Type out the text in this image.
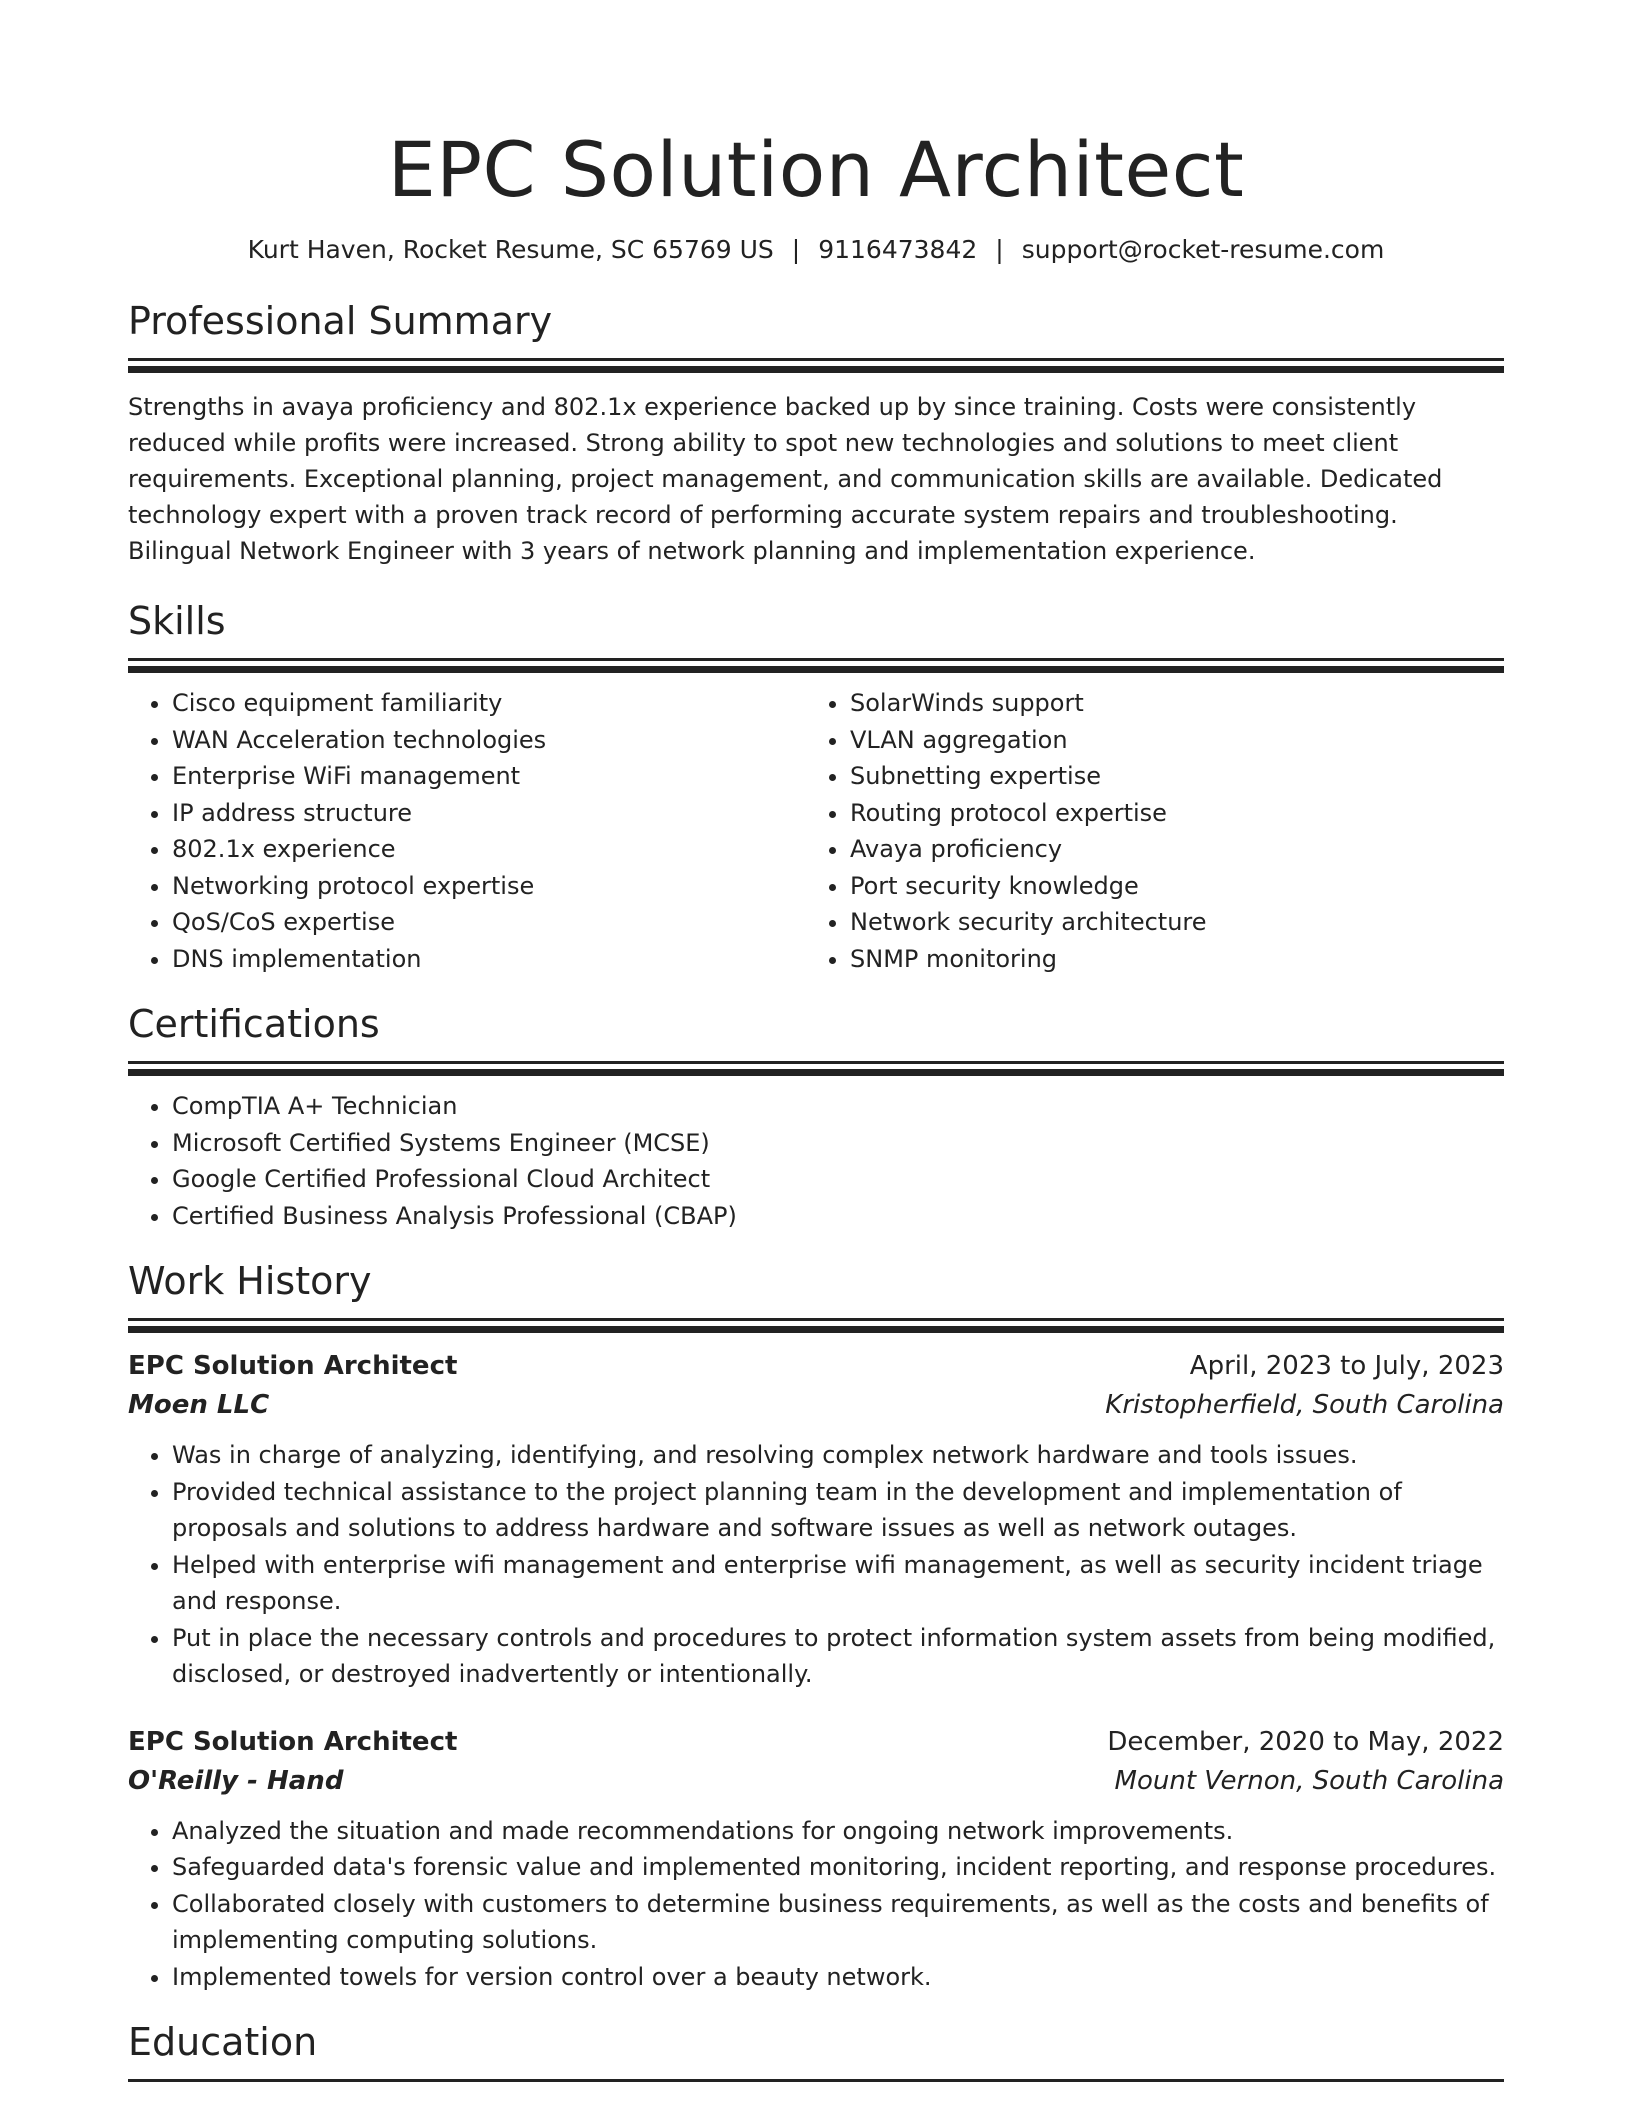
EPC Solution Architect
Kurt Haven, Rocket Resume, SC 65769 US | 9116473842 | support@rocket-resume.com
Professional Summary

Strengths in avaya proficiency and 802.1x experience backed up by since training. Costs were consistently reduced while profits were increased. Strong ability to spot new technologies and solutions to meet client requirements. Exceptional planning, project management, and communication skills are available. Dedicated technology expert with a proven track record of performing accurate system repairs and troubleshooting. Bilingual Network Engineer with 3 years of network planning and implementation experience.

Skills
• Cisco equipment familiarity
• WAN Acceleration technologies
• Enterprise WiFi management
• IP address structure
• 802.1x experience
• Networking protocol expertise
• QoS/CoS expertise
• DNS implementation
• SolarWinds support
• VLAN aggregation
• Subnetting expertise
• Routing protocol expertise
• Avaya proficiency
• Port security knowledge
• Network security architecture
• SNMP monitoring
Certifications
• CompTIA A+ Technician
• Microsoft Certified Systems Engineer (MCSE)
• Google Certified Professional Cloud Architect
• Certified Business Analysis Professional (CBAP)
Work History
EPC Solution Architect	April, 2023 to July, 2023
Moen LLC	Kristopherfield, South Carolina
• Was in charge of analyzing, identifying, and resolving complex network hardware and tools issues.
• Provided technical assistance to the project planning team in the development and implementation of proposals and solutions to address hardware and software issues as well as network outages.
• Helped with enterprise wifi management and enterprise wifi management, as well as security incident triage and response.
• Put in place the necessary controls and procedures to protect information system assets from being modified, disclosed, or destroyed inadvertently or intentionally.
EPC Solution Architect	December, 2020 to May, 2022
O'Reilly - Hand	Mount Vernon, South Carolina
• Analyzed the situation and made recommendations for ongoing network improvements.
• Safeguarded data's forensic value and implemented monitoring, incident reporting, and response procedures.
• Collaborated closely with customers to determine business requirements, as well as the costs and benefits of implementing computing solutions.
• Implemented towels for version control over a beauty network.
Education
